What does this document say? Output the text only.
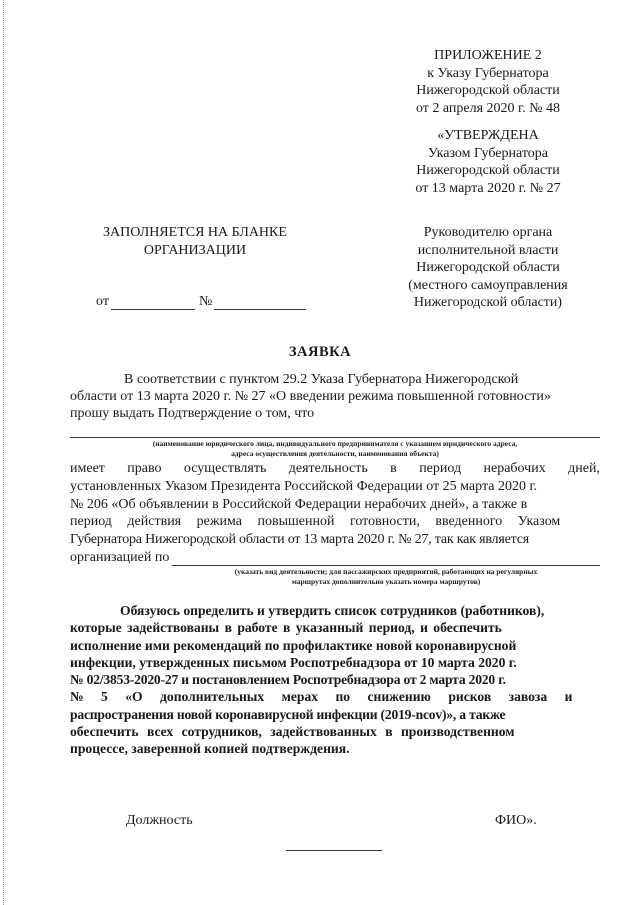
ПРИЛОЖЕНИЕ 2
к Указу Губернатора
Нижегородской области
от 2 апреля 2020 г. № 48
«УТВЕРЖДЕНА
Указом Губернатора
Нижегородской области
от 13 марта 2020 г. № 27
ЗАПОЛНЯЕТСЯ НА БЛАНКЕ
ОРГАНИЗАЦИИ
Руководителю органа
исполнительной власти
Нижегородской области
(местного самоуправления
Нижегородской области)
от	№
ЗАЯВКА
В соответствии с пунктом 29.2 Указа Губернатора Нижегородской
области от 13 марта 2020 г. № 27 «О введении режима повышенной готовности»
прошу выдать Подтверждение о том, что
(наименование юридического лица, индивидуального предпринимателя с указанием юридического адреса,
адреса осуществления деятельности, наименования объекта)
имеет право осуществлять деятельность в период нерабочих дней,
установленных Указом Президента Российской Федерации от 25 марта 2020 г.
№ 206 «Об объявлении в Российской Федерации нерабочих дней», а также в
период действия режима повышенной готовности, введенного Указом
Губернатора Нижегородской области от 13 марта 2020 г. № 27, так как является
организацией по
(указать вид деятельности; для пассажирских предприятий, работающих на регулярных
маршрутах дополнительно указать номера маршрутов)
Обязуюсь определить и утвердить список сотрудников (работников),
которые задействованы в работе в указанный период, и обеспечить
исполнение ими рекомендаций по профилактике новой коронавирусной
инфекции, утвержденных письмом Роспотребнадзора от 10 марта 2020 г.
№ 02/3853-2020-27 и постановлением Роспотребнадзора от 2 марта 2020 г.
№ 5 «О дополнительных мерах по снижению рисков завоза и
распространения новой коронавирусной инфекции (2019-ncov)», а также
обеспечить всех сотрудников, задействованных в производственном
процессе, заверенной копией подтверждения.
Должность	ФИО».
